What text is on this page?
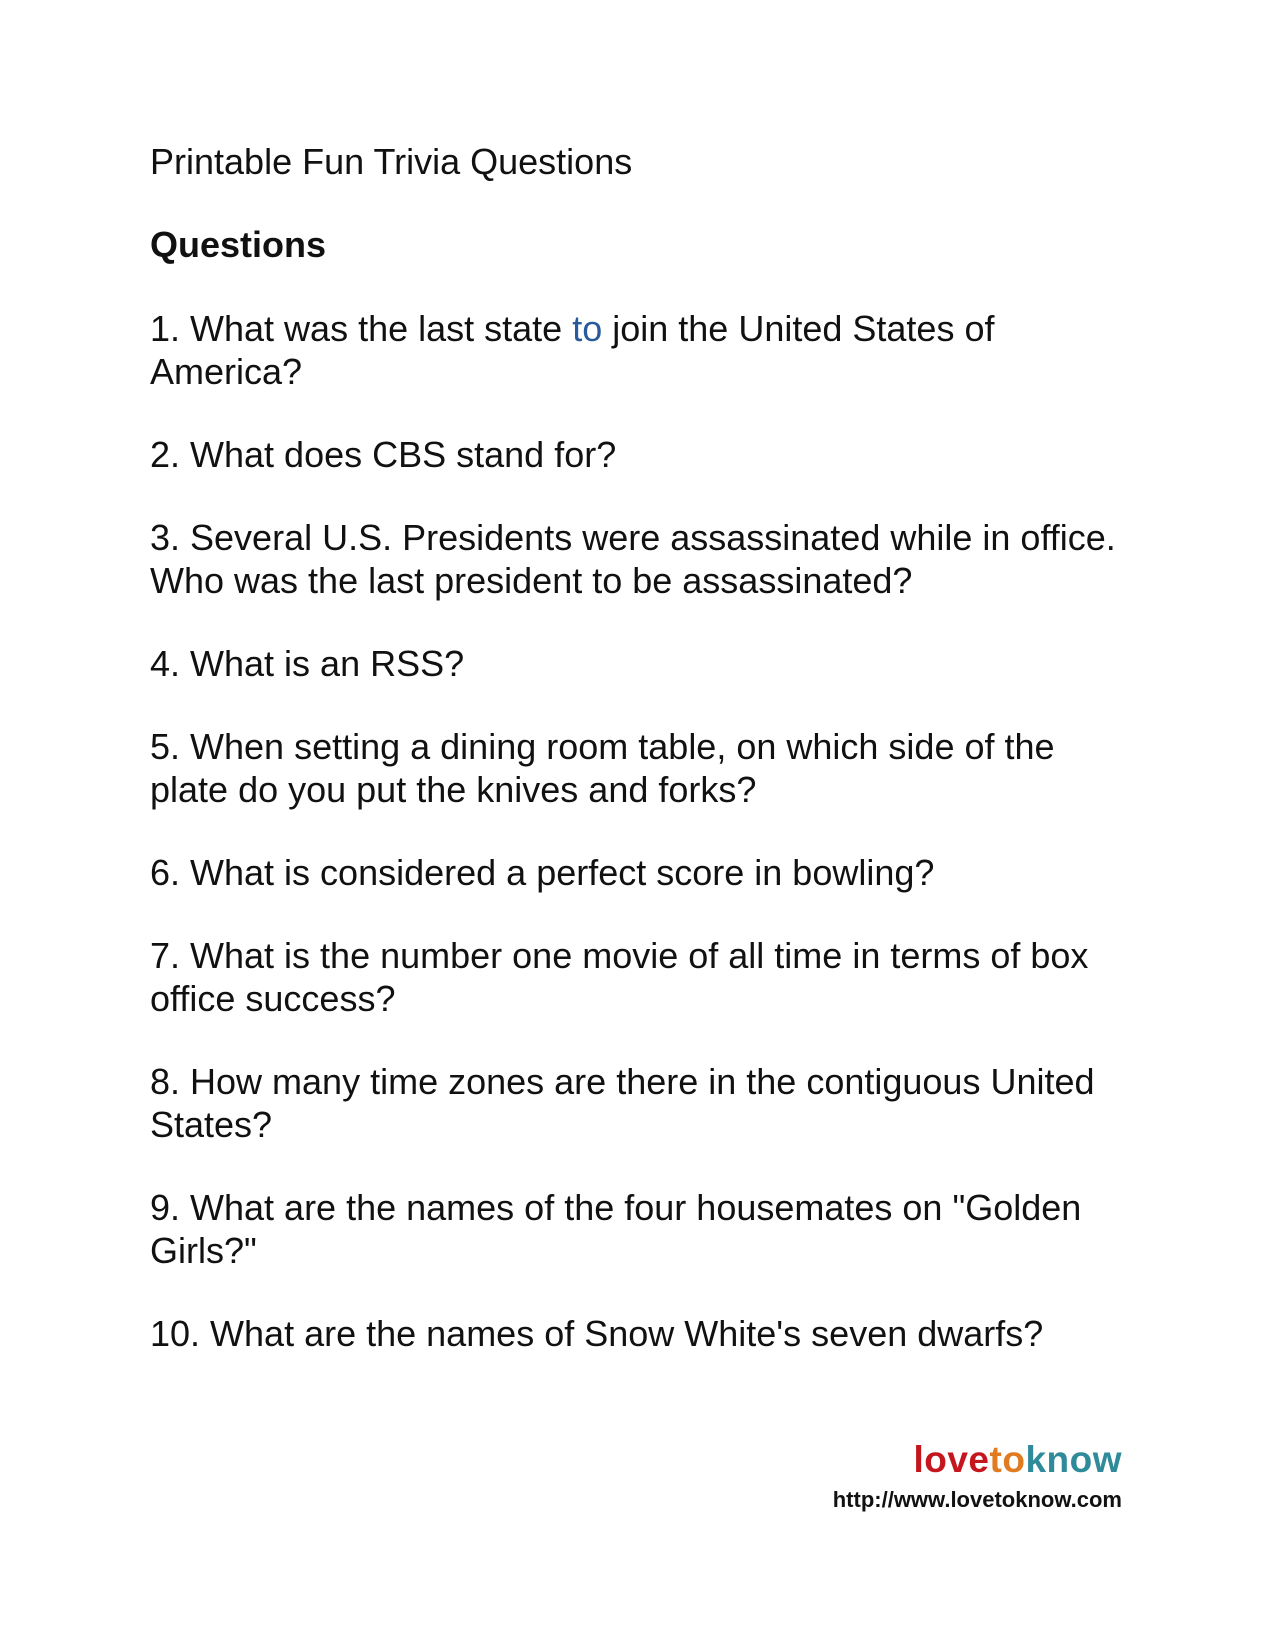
Printable Fun Trivia Questions
Questions
1. What was the last state to join the United States of America?
2. What does CBS stand for?
3. Several U.S. Presidents were assassinated while in office. Who was the last president to be assassinated?
4. What is an RSS?
5. When setting a dining room table, on which side of the plate do you put the knives and forks?
6. What is considered a perfect score in bowling?
7. What is the number one movie of all time in terms of box office success?
8. How many time zones are there in the contiguous United States?
9. What are the names of the four housemates on "Golden Girls?"
10. What are the names of Snow White's seven dwarfs?
lovetoknow
http://www.lovetoknow.com
